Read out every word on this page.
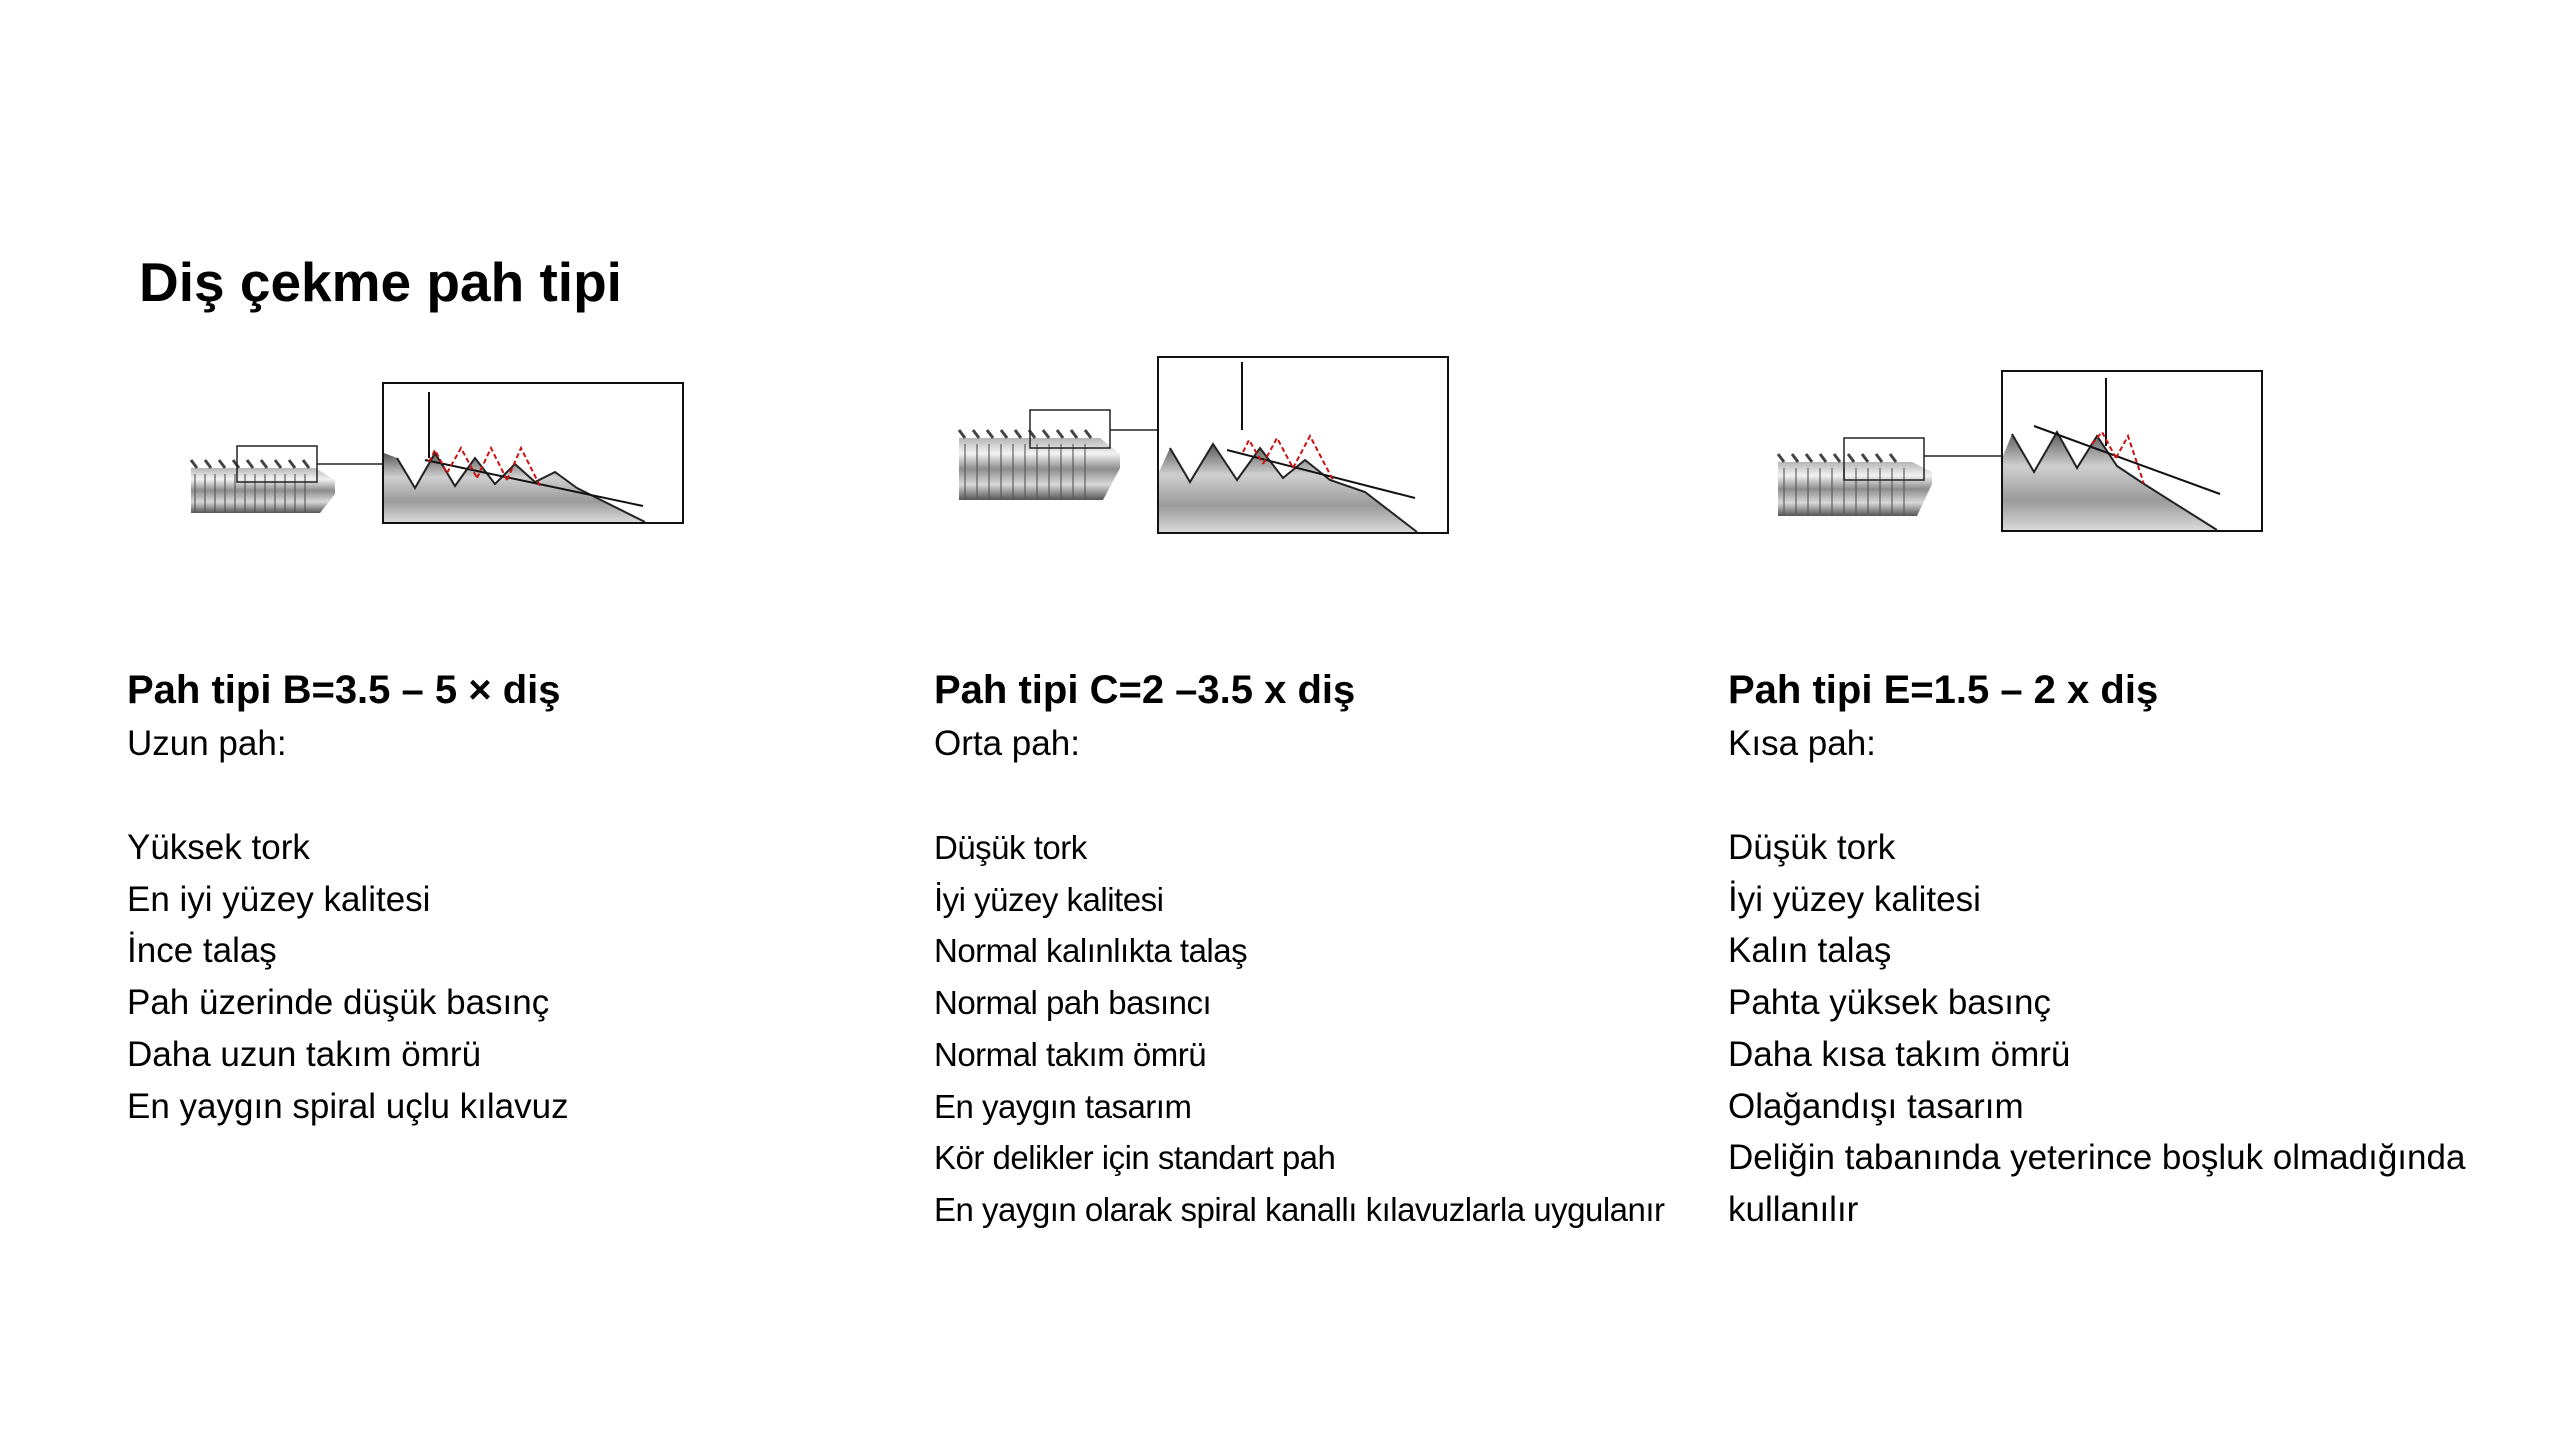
Diş çekme pah tipi
Pah tipi B=3.5 – 5 × diş

Uzun pah:

Yüksek tork
En iyi yüzey kalitesi
İnce talaş
Pah üzerinde düşük basınç
Daha uzun takım ömrü
En yaygın spiral uçlu kılavuz
Pah tipi C=2 –3.5 x diş

Orta pah:

Düşük tork
İyi yüzey kalitesi
Normal kalınlıkta talaş
Normal pah basıncı
Normal takım ömrü
En yaygın tasarım
Kör delikler için standart pah
En yaygın olarak spiral kanallı kılavuzlarla uygulanır
Pah tipi E=1.5 – 2 x diş

Kısa pah:

Düşük tork
İyi yüzey kalitesi
Kalın talaş
Pahta yüksek basınç
Daha kısa takım ömrü
Olağandışı tasarım
Deliğin tabanında yeterince boşluk olmadığında
kullanılır
